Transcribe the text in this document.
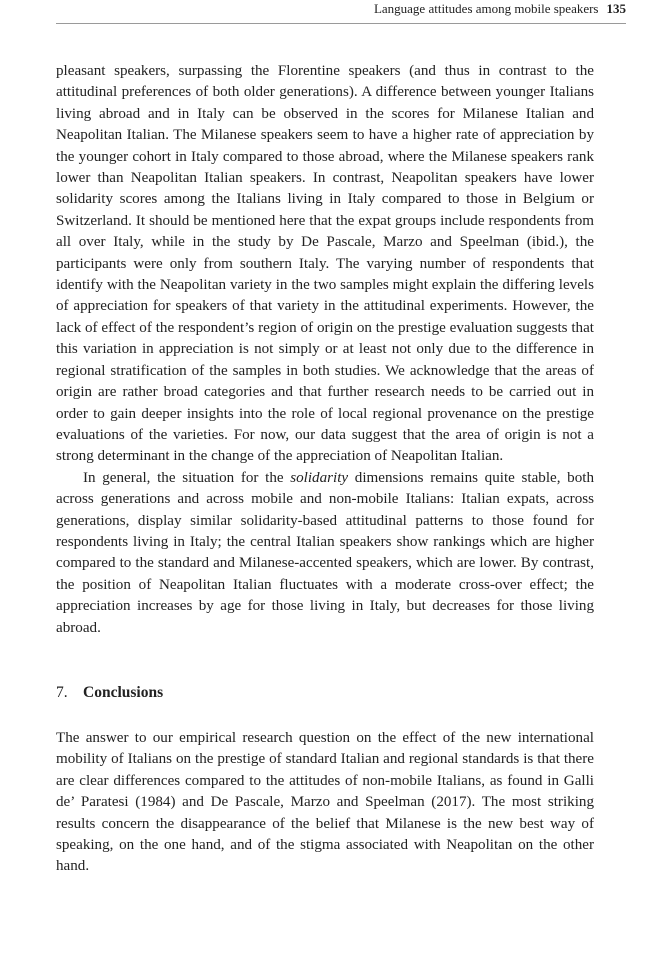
Language attitudes among mobile speakers 135

pleasant speakers, surpassing the Florentine speakers (and thus in contrast to the attitudinal preferences of both older generations). A difference between younger Italians living abroad and in Italy can be observed in the scores for Milanese Italian and Neapolitan Italian. The Milanese speakers seem to have a higher rate of appreciation by the younger cohort in Italy compared to those abroad, where the Milanese speakers rank lower than Neapolitan Italian speakers. In contrast, Neapolitan speakers have lower solidarity scores among the Italians living in Italy compared to those in Belgium or Switzerland. It should be mentioned here that the expat groups include respondents from all over Italy, while in the study by De Pascale, Marzo and Speelman (ibid.), the participants were only from southern Italy. The varying number of respondents that identify with the Neapolitan variety in the two samples might explain the differing levels of appreciation for speakers of that variety in the attitudinal experiments. However, the lack of effect of the respondent’s region of origin on the prestige evaluation suggests that this variation in appreciation is not simply or at least not only due to the difference in regional stratification of the samples in both studies. We acknowledge that the areas of origin are rather broad categories and that further research needs to be carried out in order to gain deeper insights into the role of local regional provenance on the prestige evaluations of the varieties. For now, our data suggest that the area of origin is not a strong determinant in the change of the appreciation of Neapolitan Italian.

In general, the situation for the solidarity dimensions remains quite stable, both across generations and across mobile and non-mobile Italians: Italian expats, across generations, display similar solidarity-based attitudinal patterns to those found for respondents living in Italy; the central Italian speakers show rankings which are higher compared to the standard and Milanese-accented speakers, which are lower. By contrast, the position of Neapolitan Italian fluctuates with a moderate cross-over effect; the appreciation increases by age for those living in Italy, but decreases for those living abroad.

7. Conclusions

The answer to our empirical research question on the effect of the new international mobility of Italians on the prestige of standard Italian and regional standards is that there are clear differences compared to the attitudes of non-mobile Italians, as found in Galli de’ Paratesi (1984) and De Pascale, Marzo and Speelman (2017). The most striking results concern the disappearance of the belief that Milanese is the new best way of speaking, on the one hand, and of the stigma associated with Neapolitan on the other hand.
